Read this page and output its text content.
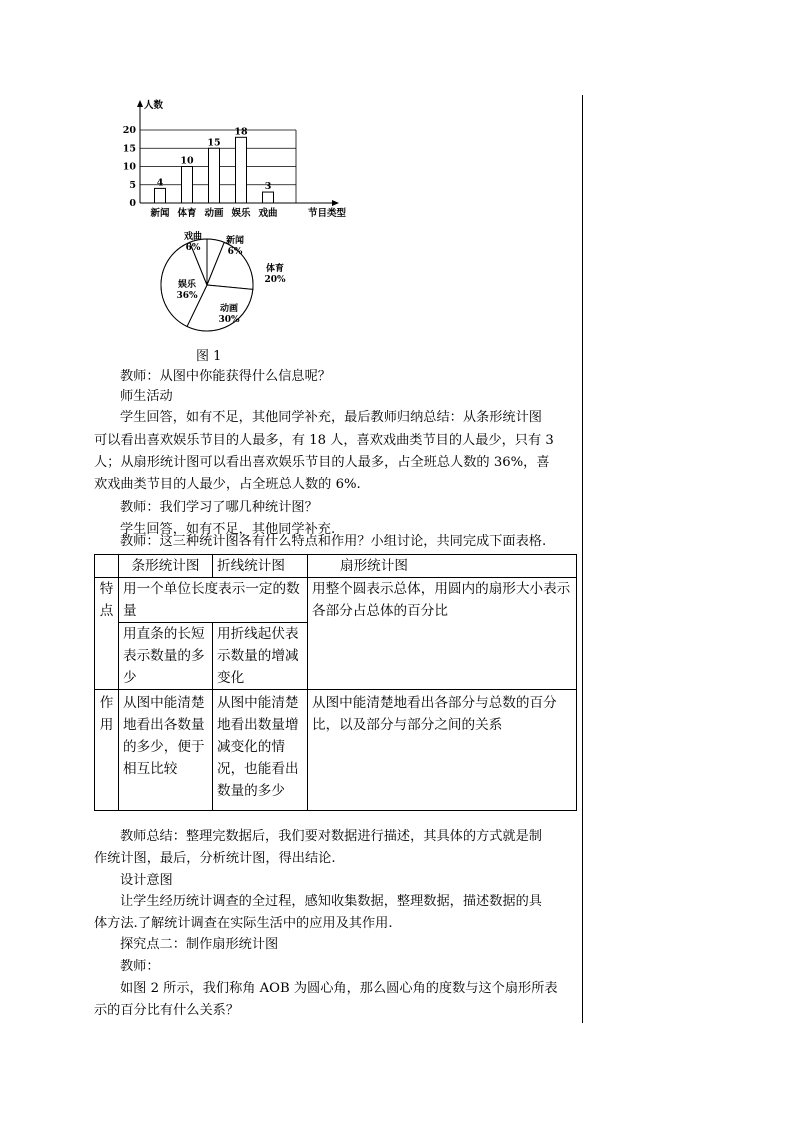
人数
节目类型
0
5
10
15
20
4
新闻
10
体育
15
动画
18
娱乐
3
戏曲
新闻
6%
体育
20%
动画
30%
娱乐
36%
戏曲
6%
图 1

教师：从图中你能获得什么信息呢？

师生活动

学生回答，如有不足，其他同学补充，最后教师归纳总结：从条形统计图

可以看出喜欢娱乐节目的人最多，有 18 人，喜欢戏曲类节目的人最少，只有 3

人；从扇形统计图可以看出喜欢娱乐节目的人最多，占全班总人数的 36%，喜

欢戏曲类节目的人最少，占全班总人数的 6%.

教师：我们学习了哪几种统计图？

学生回答，如有不足，其他同学补充.

教师：这三种统计图各有什么特点和作用？小组讨论，共同完成下面表格.

	条形统计图	折线统计图	扇形统计图
特点	用一个单位长度表示一定的数量		用整个圆表示总体，用圆内的扇形大小表示各部分占总体的百分比
	用直条的长短表示数量的多少	用折线起伏表示数量的增减变化	
作用	从图中能清楚地看出各数量的多少，便于相互比较	从图中能清楚地看出数量增减变化的情况，也能看出数量的多少	从图中能清楚地看出各部分与总数的百分比，以及部分与部分之间的关系

教师总结：整理完数据后，我们要对数据进行描述，其具体的方式就是制

作统计图，最后，分析统计图，得出结论.

设计意图

让学生经历统计调查的全过程，感知收集数据，整理数据，描述数据的具

体方法.了解统计调查在实际生活中的应用及其作用.

探究点二：制作扇形统计图

教师：

如图 2 所示，我们称角 AOB 为圆心角，那么圆心角的度数与这个扇形所表

示的百分比有什么关系？
